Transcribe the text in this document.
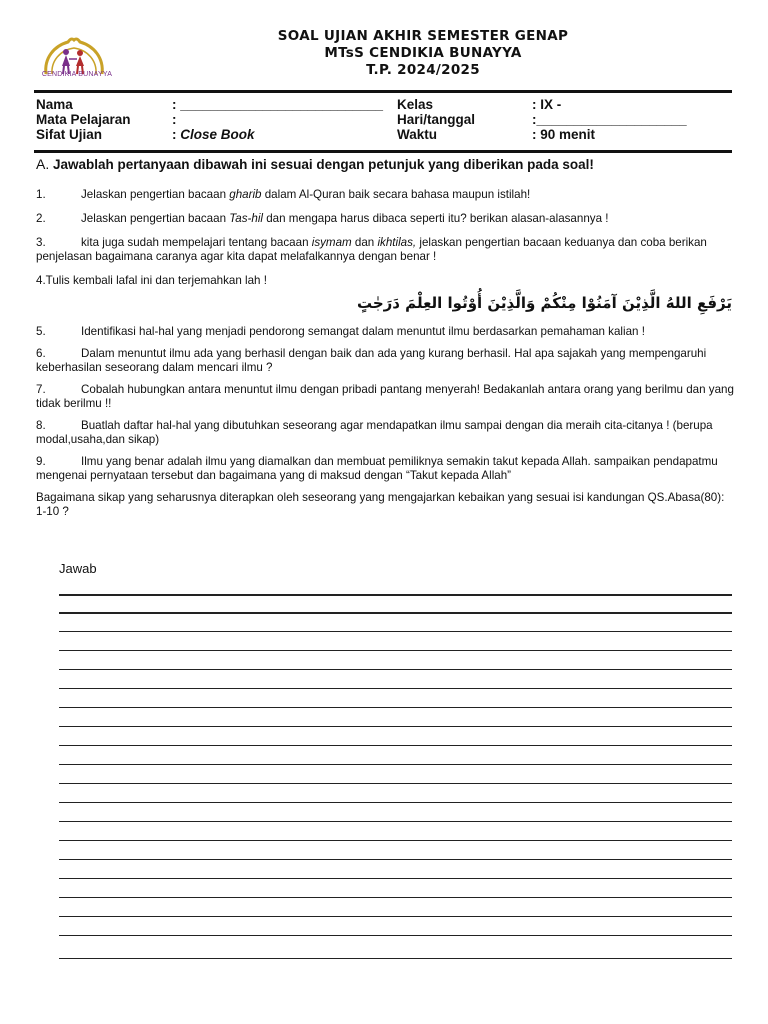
CENDIKIA BUNAYYA
SOAL UJIAN AKHIR SEMESTER GENAP
MTsS CENDIKIA BUNAYYA
T.P. 2024/2025
Nama	: ___________________________
Mata Pelajaran	:
Sifat Ujian	: Close Book
Kelas	: IX -
Hari/tanggal	:____________________
Waktu	: 90 menit
A. Jawablah pertanyaan dibawah ini sesuai dengan petunjuk yang diberikan pada soal!
1.	Jelaskan pengertian bacaan gharib dalam Al-Quran baik secara bahasa maupun istilah!
2.	Jelaskan pengertian bacaan Tas-hil dan mengapa harus dibaca seperti itu? berikan alasan-alasannya !
3.	kita juga sudah mempelajari tentang bacaan isymam dan ikhtilas, jelaskan pengertian bacaan keduanya dan coba berikan penjelasan bagaimana caranya agar kita dapat melafalkannya dengan benar !
4.Tulis kembali lafal ini dan terjemahkan lah !
يَرْفَعِ اللهُ الَّذِيْنَ آمَنُوْا مِنْكُمْ وَالَّذِيْنَ أُوْتُوا العِلْمَ دَرَجٰتٍ
5.	Identifikasi hal-hal yang menjadi pendorong semangat dalam menuntut ilmu berdasarkan pemahaman kalian !
6.	Dalam menuntut ilmu ada yang berhasil dengan baik dan ada yang kurang berhasil. Hal apa sajakah yang mempengaruhi keberhasilan seseorang dalam mencari ilmu ?
7.	Cobalah hubungkan antara menuntut ilmu dengan pribadi pantang menyerah! Bedakanlah antara orang yang berilmu dan yang tidak berilmu !!
8.	Buatlah daftar hal-hal yang dibutuhkan seseorang agar mendapatkan ilmu sampai dengan dia meraih cita-citanya ! (berupa modal,usaha,dan sikap)
9.	Ilmu yang benar adalah ilmu yang diamalkan dan membuat pemiliknya semakin takut kepada Allah. sampaikan pendapatmu mengenai pernyataan tersebut dan bagaimana yang di maksud dengan “Takut kepada Allah”
Bagaimana sikap yang seharusnya diterapkan oleh seseorang yang mengajarkan kebaikan yang sesuai isi kandungan QS.Abasa(80): 1-10 ?
Jawab
